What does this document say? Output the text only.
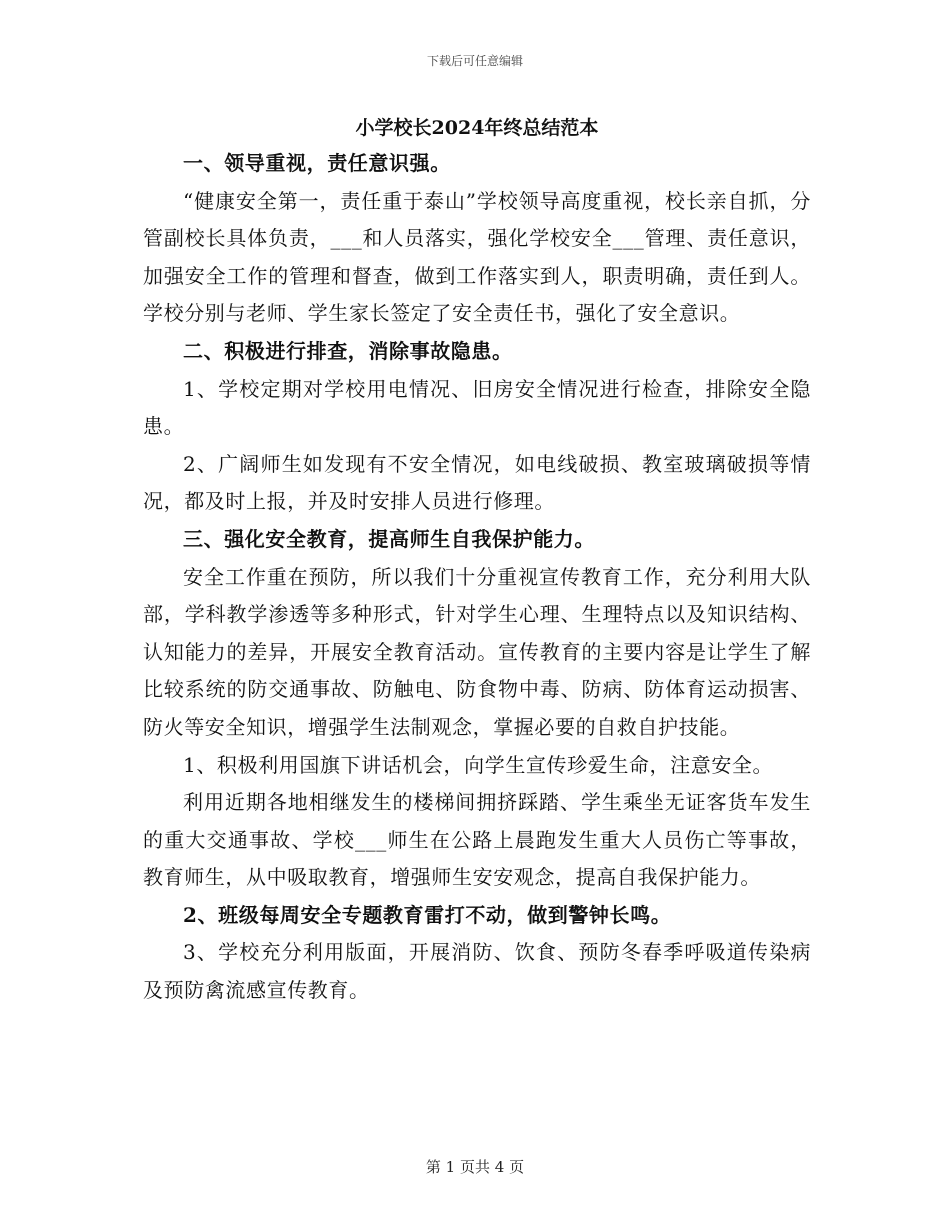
下载后可任意编辑
小学校长2024年终总结范本

一、领导重视，责任意识强。

“健康安全第一，责任重于泰山”学校领导高度重视，校长亲自抓，分管副校长具体负责，___和人员落实，强化学校安全___管理、责任意识，加强安全工作的管理和督查，做到工作落实到人，职责明确，责任到人。学校分别与老师、学生家长签定了安全责任书，强化了安全意识。

二、积极进行排查，消除事故隐患。

1、学校定期对学校用电情况、旧房安全情况进行检查，排除安全隐患。

2、广阔师生如发现有不安全情况，如电线破损、教室玻璃破损等情况，都及时上报，并及时安排人员进行修理。

三、强化安全教育，提高师生自我保护能力。

安全工作重在预防，所以我们十分重视宣传教育工作，充分利用大队部，学科教学渗透等多种形式，针对学生心理、生理特点以及知识结构、认知能力的差异，开展安全教育活动。宣传教育的主要内容是让学生了解比较系统的防交通事故、防触电、防食物中毒、防病、防体育运动损害、防火等安全知识，增强学生法制观念，掌握必要的自救自护技能。

1、积极利用国旗下讲话机会，向学生宣传珍爱生命，注意安全。

利用近期各地相继发生的楼梯间拥挤踩踏、学生乘坐无证客货车发生的重大交通事故、学校___师生在公路上晨跑发生重大人员伤亡等事故，教育师生，从中吸取教育，增强师生安安观念，提高自我保护能力。

2、班级每周安全专题教育雷打不动，做到警钟长鸣。

3、学校充分利用版面，开展消防、饮食、预防冬春季呼吸道传染病及预防禽流感宣传教育。

第 1 页共 4 页
